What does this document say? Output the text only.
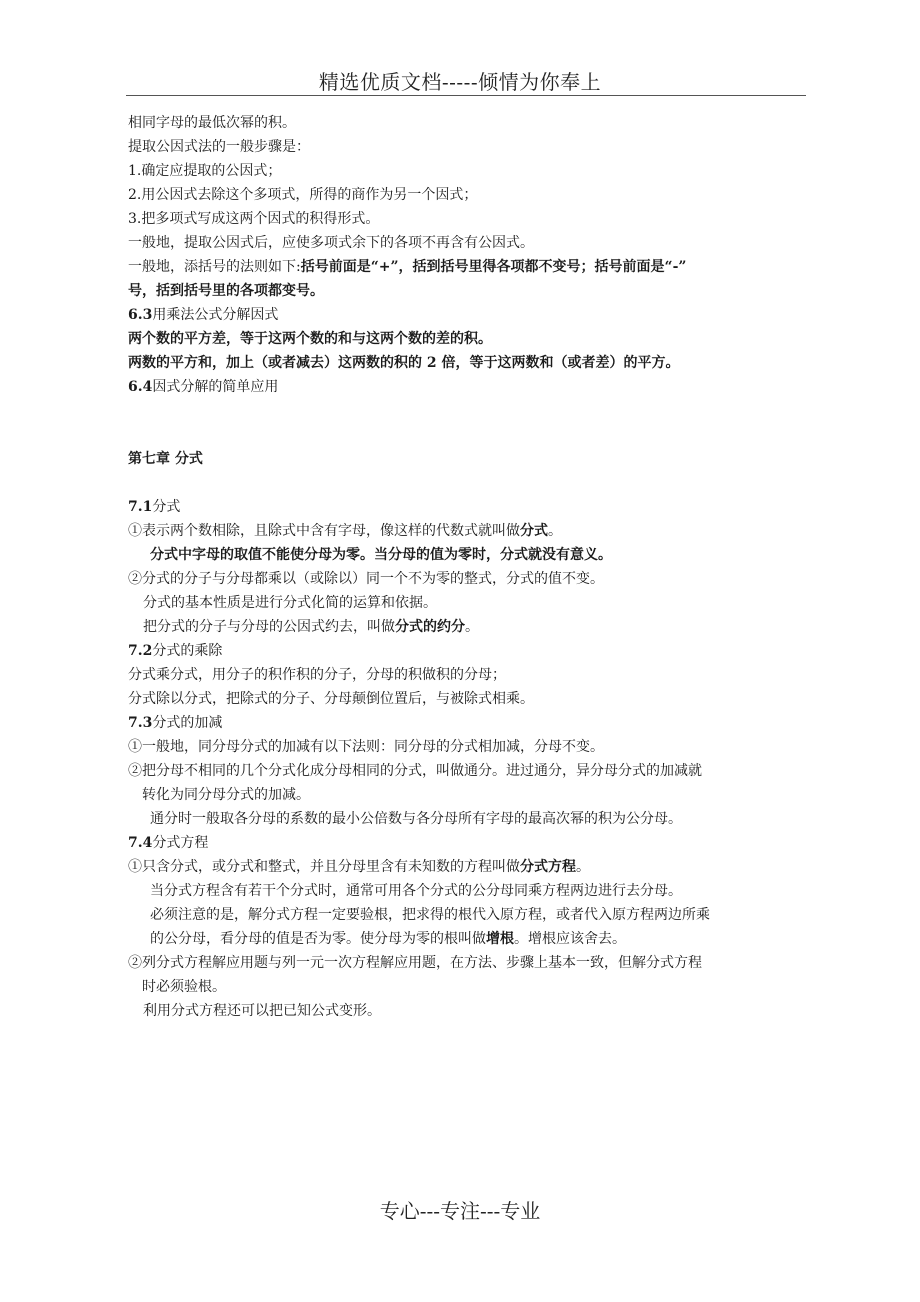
精选优质文档-----倾情为你奉上
相同字母的最低次幂的积。
提取公因式法的一般步骤是：
1.确定应提取的公因式；
2.用公因式去除这个多项式，所得的商作为另一个因式；
3.把多项式写成这两个因式的积得形式。
一般地，提取公因式后，应使多项式余下的各项不再含有公因式。
一般地，添括号的法则如下:括号前面是“+”，括到括号里得各项都不变号；括号前面是“-”
号，括到括号里的各项都变号。
6.3用乘法公式分解因式
两个数的平方差，等于这两个数的和与这两个数的差的积。
两数的平方和，加上（或者减去）这两数的积的 2 倍，等于这两数和（或者差）的平方。
6.4因式分解的简单应用
第七章 分式
7.1分式
①表示两个数相除，且除式中含有字母，像这样的代数式就叫做分式。
分式中字母的取值不能使分母为零。当分母的值为零时，分式就没有意义。
②分式的分子与分母都乘以（或除以）同一个不为零的整式，分式的值不变。
分式的基本性质是进行分式化简的运算和依据。
把分式的分子与分母的公因式约去，叫做分式的约分。
7.2分式的乘除
分式乘分式，用分子的积作积的分子，分母的积做积的分母；
分式除以分式，把除式的分子、分母颠倒位置后，与被除式相乘。
7.3分式的加减
①一般地，同分母分式的加减有以下法则：同分母的分式相加减，分母不变。
②把分母不相同的几个分式化成分母相同的分式，叫做通分。进过通分，异分母分式的加减就
转化为同分母分式的加减。
通分时一般取各分母的系数的最小公倍数与各分母所有字母的最高次幂的积为公分母。
7.4分式方程
①只含分式，或分式和整式，并且分母里含有未知数的方程叫做分式方程。
当分式方程含有若干个分式时，通常可用各个分式的公分母同乘方程两边进行去分母。
必须注意的是，解分式方程一定要验根，把求得的根代入原方程，或者代入原方程两边所乘
的公分母，看分母的值是否为零。使分母为零的根叫做增根。增根应该舍去。
②列分式方程解应用题与列一元一次方程解应用题，在方法、步骤上基本一致，但解分式方程
时必须验根。
利用分式方程还可以把已知公式变形。
专心---专注---专业
